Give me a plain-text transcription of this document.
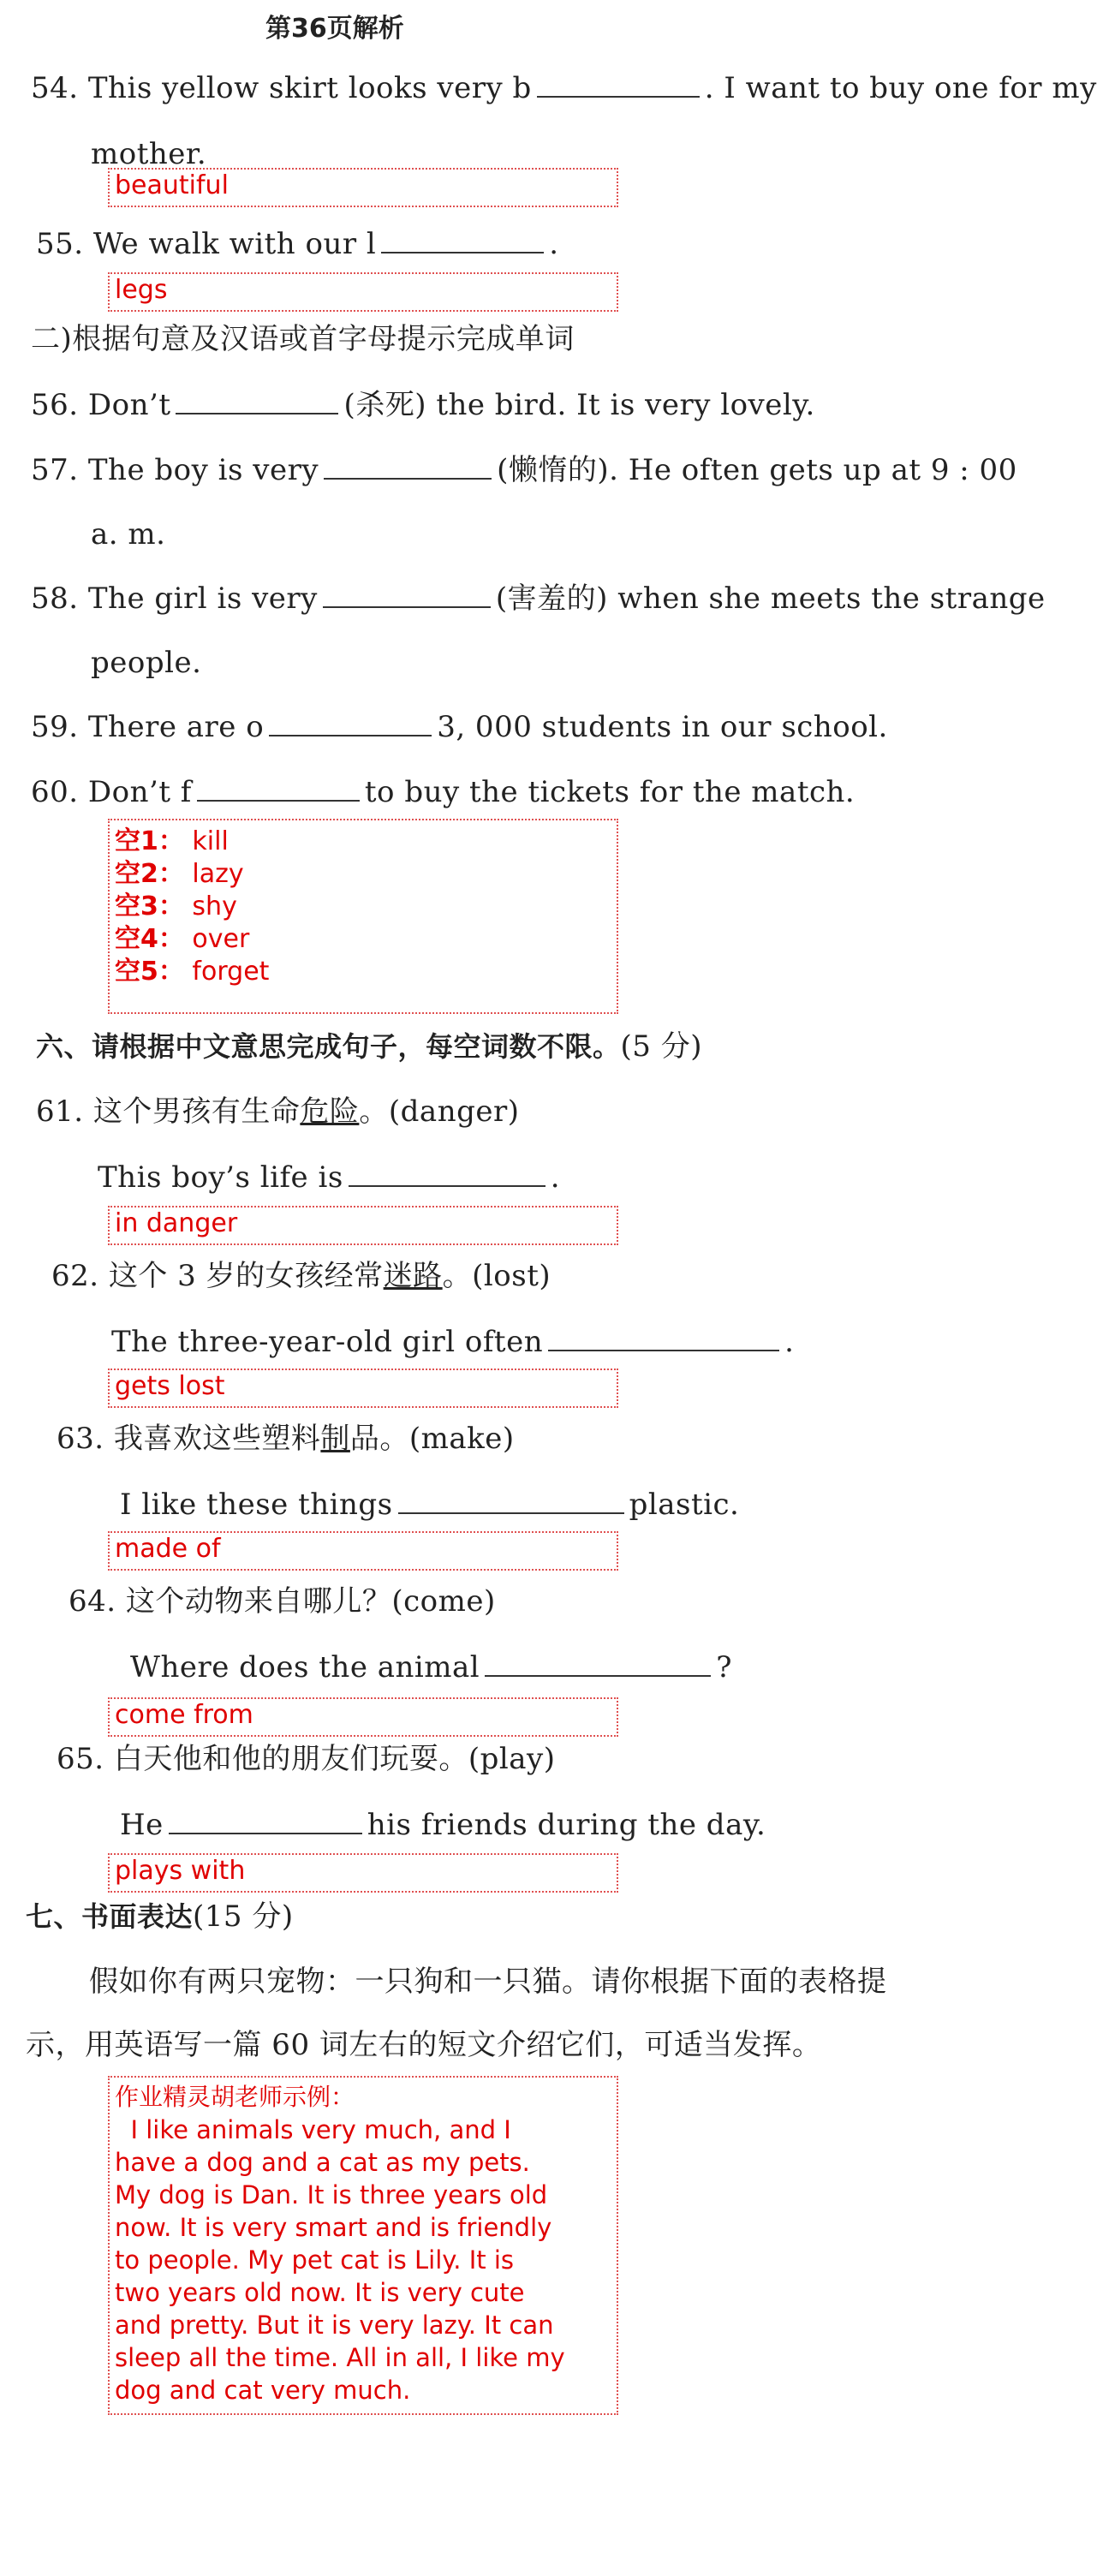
第36页解析
54. This yellow skirt looks very b	. I want to buy one for my
mother.
beautiful
55. We walk with our l	.
legs
二)根据句意及汉语或首字母提示完成单词
56. Don’t	(杀死) the bird. It is very lovely.
57. The boy is very	(懒惰的). He often gets up at 9 : 00
a. m.
58. The girl is very	(害羞的) when she meets the strange
people.
59. There are o	3, 000 students in our school.
60. Don’t f	to buy the tickets for the match.
空1： kill
空2： lazy
空3： shy
空4： over
空5： forget
六、请根据中文意思完成句子，每空词数不限。(5 分)
61. 这个男孩有生命危险。(danger)
This boy’s life is	.
in danger
62. 这个 3 岁的女孩经常迷路。(lost)
The three-year-old girl often	.
gets lost
63. 我喜欢这些塑料制品。(make)
I like these things	plastic.
made of
64. 这个动物来自哪儿？(come)
Where does the animal	?
come from
65. 白天他和他的朋友们玩耍。(play)
He	his friends during the day.
plays with
七、书面表达(15 分)
假如你有两只宠物：一只狗和一只猫。请你根据下面的表格提
示，用英语写一篇 60 词左右的短文介绍它们，可适当发挥。
作业精灵胡老师示例：
I like animals very much, and I
have a dog and a cat as my pets.
My dog is Dan. It is three years old
now. It is very smart and is friendly
to people. My pet cat is Lily. It is
two years old now. It is very cute
and pretty. But it is very lazy. It can
sleep all the time. All in all, I like my
dog and cat very much.
